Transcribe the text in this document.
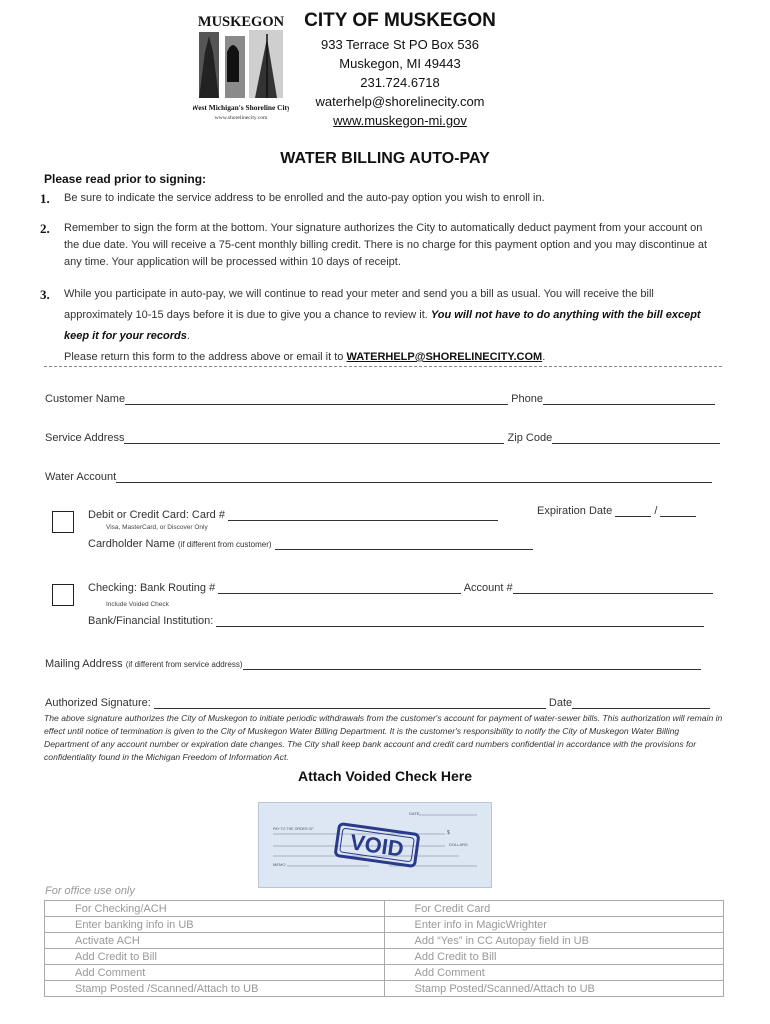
MUSKEGON
West Michigan's Shoreline City
www.shorelinecity.com
CITY OF MUSKEGON
933 Terrace St PO Box 536
Muskegon, MI 49443
231.724.6718
waterhelp@shorelinecity.com
www.muskegon-mi.gov
WATER BILLING AUTO-PAY
Please read prior to signing:
1. Be sure to indicate the service address to be enrolled and the auto-pay option you wish to enroll in.
2. Remember to sign the form at the bottom. Your signature authorizes the City to automatically deduct payment from your account on the due date. You will receive a 75-cent monthly billing credit. There is no charge for this payment option and you may discontinue at any time. Your application will be processed within 10 days of receipt.
3. While you participate in auto-pay, we will continue to read your meter and send you a bill as usual. You will receive the bill approximately 10-15 days before it is due to give you a chance to review it. You will not have to do anything with the bill except keep it for your records.
Please return this form to the address above or email it to WATERHELP@SHORELINECITY.COM.
Customer Name	Phone
Service Address	Zip Code
Water Account
Debit or Credit Card: Card #
Visa, MasterCard, or Discover Only
Expiration Date	/
Cardholder Name (if different from customer)
Checking: Bank Routing #	Account #
Include Voided Check
Bank/Financial Institution:
Mailing Address (if different from service address)
Authorized Signature:	Date
The above signature authorizes the City of Muskegon to initiate periodic withdrawals from the customer's account for payment of water-sewer bills. This authorization will remain in effect until notice of termination is given to the City of Muskegon Water Billing Department. It is the customer's responsibility to notify the City of Muskegon Water Billing Department of any account number or expiration date changes. The City shall keep bank account and credit card numbers confidential in accordance with the provisions for confidentiality found in the Michigan Freedom of Information Act.
Attach Voided Check Here
DATE
PAY TO THE ORDER OF
$
DOLLARS
MEMO
VOID
For office use only
For Checking/ACH	For Credit Card
Enter banking info in UB	Enter info in MagicWrighter
Activate ACH	Add “Yes” in CC Autopay field in UB
Add Credit to Bill	Add Credit to Bill
Add Comment	Add Comment
Stamp Posted /Scanned/Attach to UB	Stamp Posted/Scanned/Attach to UB
